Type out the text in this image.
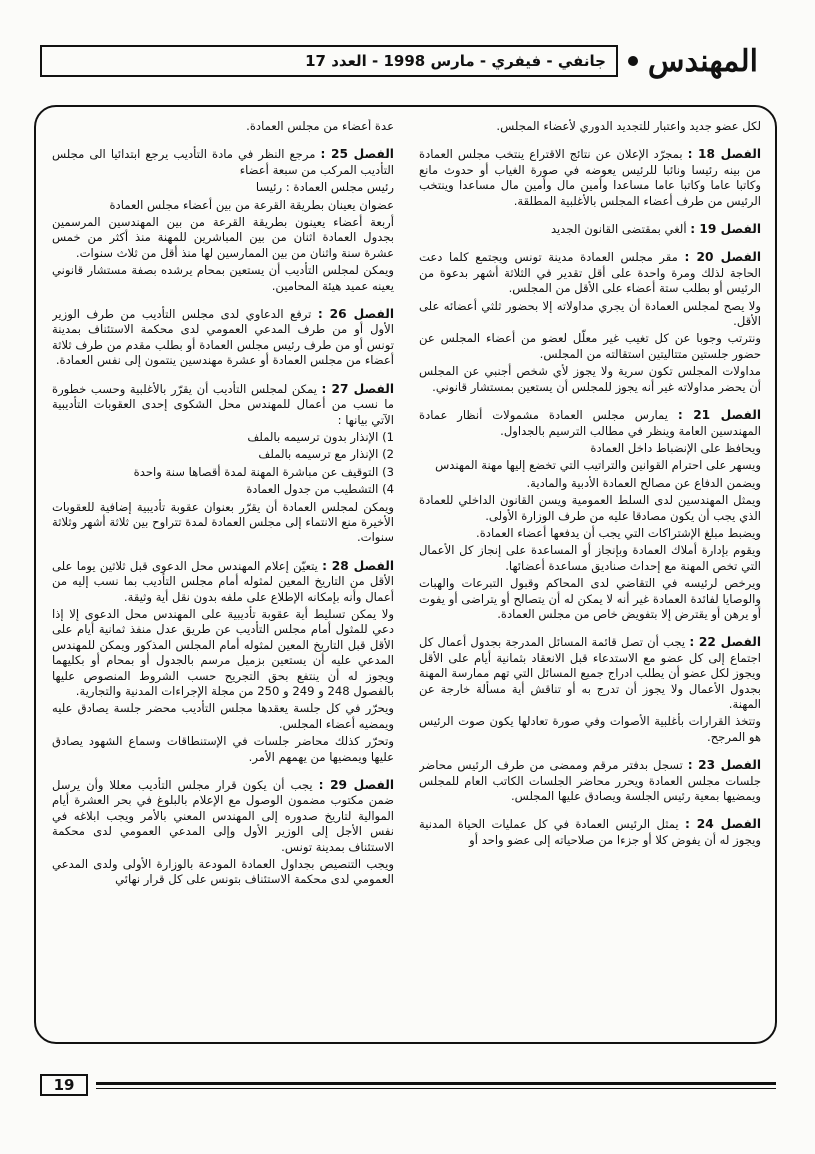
المهندس
جانفي - فيفري - مارس 1998 - العدد 17

لكل عضو جديد واعتبار للتجديد الدوري لأعضاء المجلس.

الفصل 18 : بمجرّد الإعلان عن نتائج الاقتراع ينتخب مجلس العمادة من بينه رئيسا ونائبا للرئيس يعوضه في صورة الغياب أو حدوث مانع وكاتبا عاما وكاتبا عاما مساعدا وأمين مال وأمين مال مساعدا وينتخب الرئيس من طرف أعضاء المجلس بالأغلبية المطلقة.

الفصل 19 : ألغي بمقتضى القانون الجديد

الفصل 20 : مقر مجلس العمادة مدينة تونس ويجتمع كلما دعت الحاجة لذلك ومرة واحدة على أقل تقدير في الثلاثة أشهر بدعوة من الرئيس أو بطلب ستة أعضاء على الأقل من المجلس.

ولا يصح لمجلس العمادة أن يجري مداولاته إلا بحضور ثلثي أعضائه على الأقل.

ونترتب وجوبا عن كل تغيب غير معلّل لعضو من أعضاء المجلس عن حضور جلستين متتاليتين استقالته من المجلس.

مداولات المجلس تكون سرية ولا يجوز لأي شخص أجنبي عن المجلس أن يحضر مداولاته غير أنه يجوز للمجلس أن يستعين بمستشار قانوني.

الفصل 21 : يمارس مجلس العمادة مشمولات أنظار عمادة المهندسين العامة وينظر في مطالب الترسيم بالجداول.

ويحافظ على الإنضباط داخل العمادة

ويسهر على احترام القوانين والتراتيب التي تخضع إليها مهنة المهندس

ويضمن الدفاع عن مصالح العمادة الأدبية والمادية.

ويمثل المهندسين لدى السلط العمومية ويسن القانون الداخلي للعمادة الذي يجب أن يكون مصادقا عليه من طرف الوزارة الأولى.

ويضبط مبلغ الإشتراكات التي يجب أن يدفعها أعضاء العمادة.

ويقوم بإدارة أملاك العمادة وبإنجاز أو المساعدة على إنجاز كل الأعمال التي تخص المهنة مع إحداث صناديق مساعدة أعضائها.

ويرخص لرئيسه في التقاضي لدى المحاكم وقبول التبرعات والهبات والوصايا لفائدة العمادة غير أنه لا يمكن له أن يتصالح أو يتراضى أو يفوت أو يرهن أو يقترض إلا بتفويض خاص من مجلس العمادة.

الفصل 22 : يجب أن تصل قائمة المسائل المدرجة بجدول أعمال كل اجتماع إلى كل عضو مع الاستدعاء قبل الانعقاد بثمانية أيام على الأقل ويجوز لكل عضو أن يطلب ادراج جميع المسائل التي تهم ممارسة المهنة بجدول الأعمال ولا يجوز أن تدرج به أو تناقش أية مسألة خارجة عن المهنة.

وتتخذ القرارات بأغلبية الأصوات وفي صورة تعادلها يكون صوت الرئيس هو المرجح.

الفصل 23 : تسجل بدفتر مرقم وممضى من طرف الرئيس محاضر جلسات مجلس العمادة ويحرر محاضر الجلسات الكاتب العام للمجلس ويمضيها بمعية رئيس الجلسة ويصادق عليها المجلس.

الفصل 24 : يمثل الرئيس العمادة في كل عمليات الحياة المدنية ويجوز له أن يفوض كلا أو جزءا من صلاحياته إلى عضو واحد أو

عدة أعضاء من مجلس العمادة.

الفصل 25 : مرجع النظر في مادة التأديب يرجع ابتدائيا الى مجلس التأديب المركب من سبعة أعضاء

رئيس مجلس العمادة : رئيسا

عضوان يعينان بطريقة القرعة من بين أعضاء مجلس العمادة

أربعة أعضاء يعينون بطريقة القرعة من بين المهندسين المرسمين بجدول العمادة اثنان من بين المباشرين للمهنة منذ أكثر من خمس عشرة سنة واثنان من بين الممارسين لها منذ أقل من ثلاث سنوات.

ويمكن لمجلس التأديب أن يستعين بمحام يرشده بصفة مستشار قانوني يعينه عميد هيئة المحامين.

الفصل 26 : ترفع الدعاوي لدى مجلس التأديب من طرف الوزير الأول أو من طرف المدعي العمومي لدى محكمة الاستئناف بمدينة تونس أو من طرف رئيس مجلس العمادة أو بطلب مقدم من طرف ثلاثة أعضاء من مجلس العمادة أو عشرة مهندسين ينتمون إلى نفس العمادة.

الفصل 27 : يمكن لمجلس التأديب أن يقرّر بالأغلبية وحسب خطورة ما نسب من أعمال للمهندس محل الشكوى إحدى العقوبات التأديبية الآتي بيانها :

1) الإنذار بدون ترسيمه بالملف

2) الإنذار مع ترسيمه بالملف

3) التوقيف عن مباشرة المهنة لمدة أقصاها سنة واحدة

4) التشطيب من جدول العمادة

ويمكن لمجلس العمادة أن يقرّر بعنوان عقوبة تأديبية إضافية للعقوبات الأخيرة منع الانتماء إلى مجلس العمادة لمدة تتراوح بين ثلاثة أشهر وثلاثة سنوات.

الفصل 28 : يتعيّن إعلام المهندس محل الدعوى قبل ثلاثين يوما على الأقل من التاريخ المعين لمثوله أمام مجلس التأديب بما نسب إليه من أعمال وأنه بإمكانه الإطلاع على ملفه بدون نقل أية وثيقة.

ولا يمكن تسليط أية عقوبة تأديبية على المهندس محل الدعوى إلا إذا دعي للمثول أمام مجلس التأديب عن طريق عدل منفذ ثمانية أيام على الأقل قبل التاريخ المعين لمثوله أمام المجلس المذكور ويمكن للمهندس المدعي عليه أن يستعين بزميل مرسم بالجدول أو بمحام أو بكليهما ويجوز له أن ينتفع بحق التجريح حسب الشروط المنصوص عليها بالفصول 248 و 249 و 250 من مجلة الإجراءات المدنية والتجارية.

ويحرّر في كل جلسة يعقدها مجلس التأديب محضر جلسة يصادق عليه ويمضيه أعضاء المجلس.

وتحرّر كذلك محاضر جلسات في الإستنطاقات وسماع الشهود يصادق عليها ويمضيها من يهمهم الأمر.

الفصل 29 : يجب أن يكون قرار مجلس التأديب معللا وأن يرسل ضمن مكتوب مضمون الوصول مع الإعلام بالبلوغ في بحر العشرة أيام الموالية لتاريخ صدوره إلى المهندس المعني بالأمر ويجب ابلاغه في نفس الأجل إلى الوزير الأول وإلى المدعي العمومي لدى محكمة الاستئناف بمدينة تونس.

ويجب التنصيص بجداول العمادة المودعة بالوزارة الأولى ولدى المدعي العمومي لدى محكمة الاستئناف بتونس على كل قرار نهائي

19
